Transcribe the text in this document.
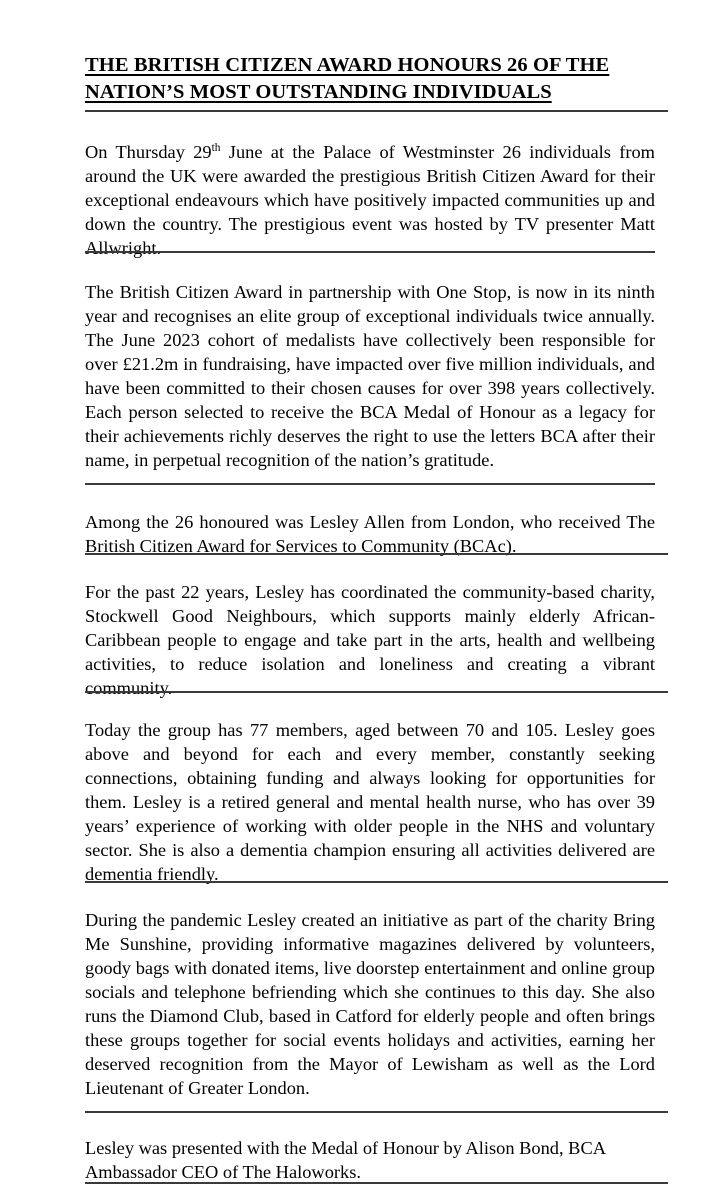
THE BRITISH CITIZEN AWARD HONOURS 26 OF THE NATION’S MOST OUTSTANDING INDIVIDUALS

On Thursday 29th June at the Palace of Westminster 26 individuals from around the UK were awarded the prestigious British Citizen Award for their exceptional endeavours which have positively impacted communities up and down the country. The prestigious event was hosted by TV presenter Matt Allwright.

The British Citizen Award in partnership with One Stop, is now in its ninth year and recognises an elite group of exceptional individuals twice annually. The June 2023 cohort of medalists have collectively been responsible for over £21.2m in fundraising, have impacted over five million individuals, and have been committed to their chosen causes for over 398 years collectively. Each person selected to receive the BCA Medal of Honour as a legacy for their achievements richly deserves the right to use the letters BCA after their name, in perpetual recognition of the nation’s gratitude.

Among the 26 honoured was Lesley Allen from London, who received The British Citizen Award for Services to Community (BCAc).

For the past 22 years, Lesley has coordinated the community-based charity, Stockwell Good Neighbours, which supports mainly elderly African-Caribbean people to engage and take part in the arts, health and wellbeing activities, to reduce isolation and loneliness and creating a vibrant community.

Today the group has 77 members, aged between 70 and 105. Lesley goes above and beyond for each and every member, constantly seeking connections, obtaining funding and always looking for opportunities for them. Lesley is a retired general and mental health nurse, who has over 39 years’ experience of working with older people in the NHS and voluntary sector. She is also a dementia champion ensuring all activities delivered are dementia friendly.

During the pandemic Lesley created an initiative as part of the charity Bring Me Sunshine, providing informative magazines delivered by volunteers, goody bags with donated items, live doorstep entertainment and online group socials and telephone befriending which she continues to this day. She also runs the Diamond Club, based in Catford for elderly people and often brings these groups together for social events holidays and activities, earning her deserved recognition from the Mayor of Lewisham as well as the Lord Lieutenant of Greater London.

Lesley was presented with the Medal of Honour by Alison Bond, BCA Ambassador CEO of The Haloworks.
